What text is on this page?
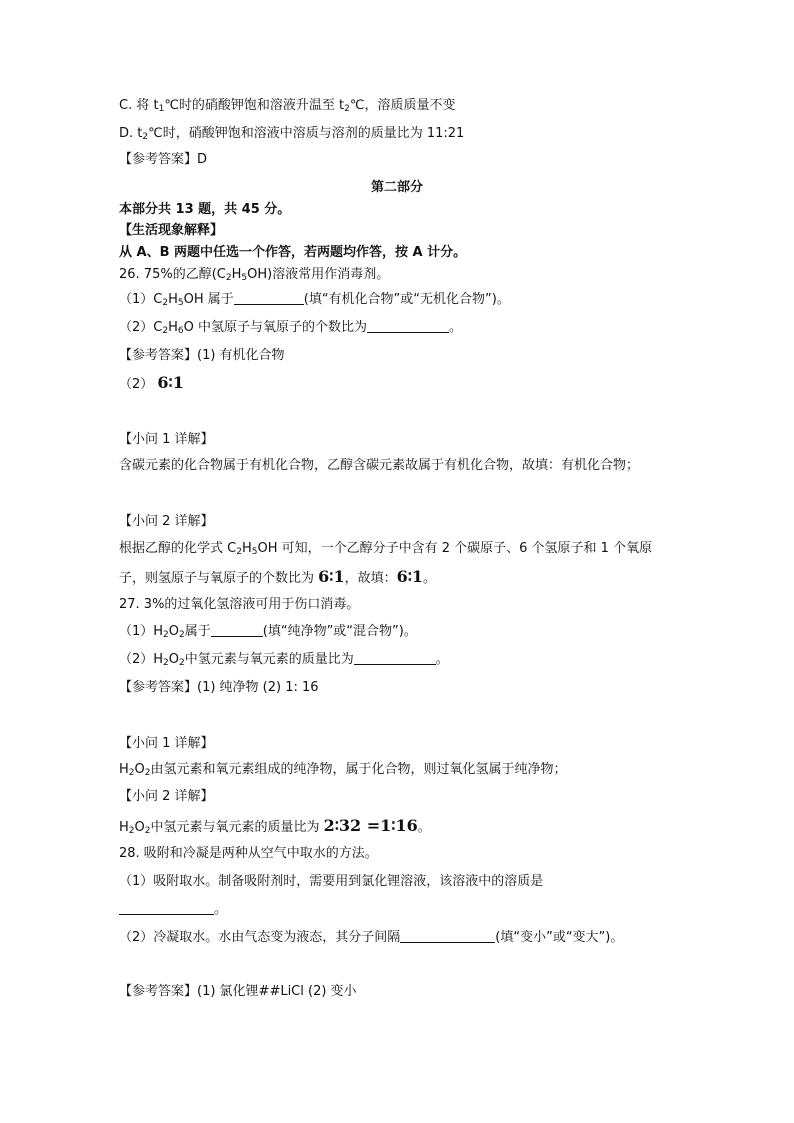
C. 将 $t_1℃$时的硝酸钾饱和溶液升温至 $t_2℃$，溶质质量不变
D. $t_2℃$时，硝酸钾饱和溶液中溶质与溶剂的质量比为 11:21
【参考答案】D
第二部分
本部分共 13 题，共 45 分。
【生活现象解释】
从 A、B 两题中任选一个作答，若两题均作答，按 A 计分。
26. 75%的乙醇$(C_2H_5OH)$溶液常用作消毒剂。
$(1)C_2H_5OH$ 属于	(填“有机化合物”或“无机化合物”)。
$(2)C_2H_6O$ 中氢原子与氧原子的个数比为	。
【参考答案】(1) 有机化合物
（2） 6∶1
【小问 1 详解】
含碳元素的化合物属于有机化合物，乙醇含碳元素故属于有机化合物，故填：有机化合物；
【小问 2 详解】
根据乙醇的化学式 $C_2H_5OH$ 可知，一个乙醇分子中含有 2 个碳原子、6 个氢原子和 1 个氧原
子，则氢原子与氧原子的个数比为 6∶1，故填：6∶1。
27. 3%的过氧化氢溶液可用于伤口消毒。
$(1)H_2O_2$属于	(填“纯净物”或“混合物”)。
$(2)H_2O_2$中氢元素与氧元素的质量比为	。
【参考答案】(1) 纯净物 (2) 1: 16
【小问 1 详解】
$H_2O_2$由氢元素和氧元素组成的纯净物，属于化合物，则过氧化氢属于纯净物；
【小问 2 详解】
$H_2O_2$中氢元素与氧元素的质量比为 2∶32 =1∶16。
28. 吸附和冷凝是两种从空气中取水的方法。
（1）吸附取水。制备吸附剂时，需要用到氯化锂溶液，该溶液中的溶质是
。
（2）冷凝取水。水由气态变为液态，其分子间隔	(填“变小”或“变大”)。
【参考答案】(1) 氯化锂##LiCl (2) 变小
